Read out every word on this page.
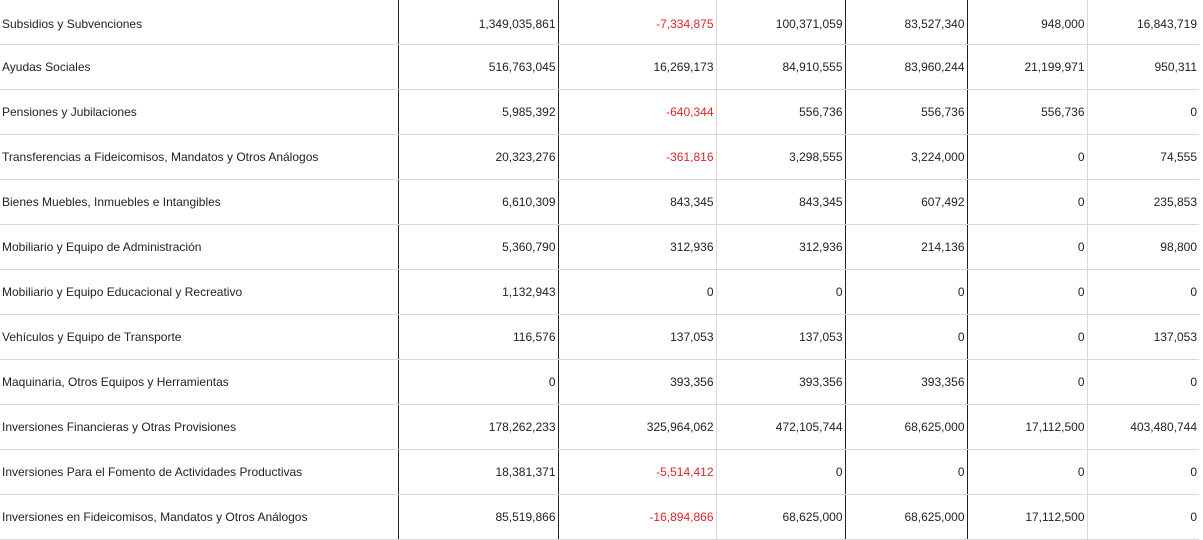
Subsidios y Subvenciones	1,349,035,861	-7,334,875	100,371,059	83,527,340	948,000	16,843,719
Ayudas Sociales	516,763,045	16,269,173	84,910,555	83,960,244	21,199,971	950,311
Pensiones y Jubilaciones	5,985,392	-640,344	556,736	556,736	556,736	0
Transferencias a Fideicomisos, Mandatos y Otros Análogos	20,323,276	-361,816	3,298,555	3,224,000	0	74,555
Bienes Muebles, Inmuebles e Intangibles	6,610,309	843,345	843,345	607,492	0	235,853
Mobiliario y Equipo de Administración	5,360,790	312,936	312,936	214,136	0	98,800
Mobiliario y Equipo Educacional y Recreativo	1,132,943	0	0	0	0	0
Vehículos y Equipo de Transporte	116,576	137,053	137,053	0	0	137,053
Maquinaria, Otros Equipos y Herramientas	0	393,356	393,356	393,356	0	0
Inversiones Financieras y Otras Provisiones	178,262,233	325,964,062	472,105,744	68,625,000	17,112,500	403,480,744
Inversiones Para el Fomento de Actividades Productivas	18,381,371	-5,514,412	0	0	0	0
Inversiones en Fideicomisos, Mandatos y Otros Análogos	85,519,866	-16,894,866	68,625,000	68,625,000	17,112,500	0
